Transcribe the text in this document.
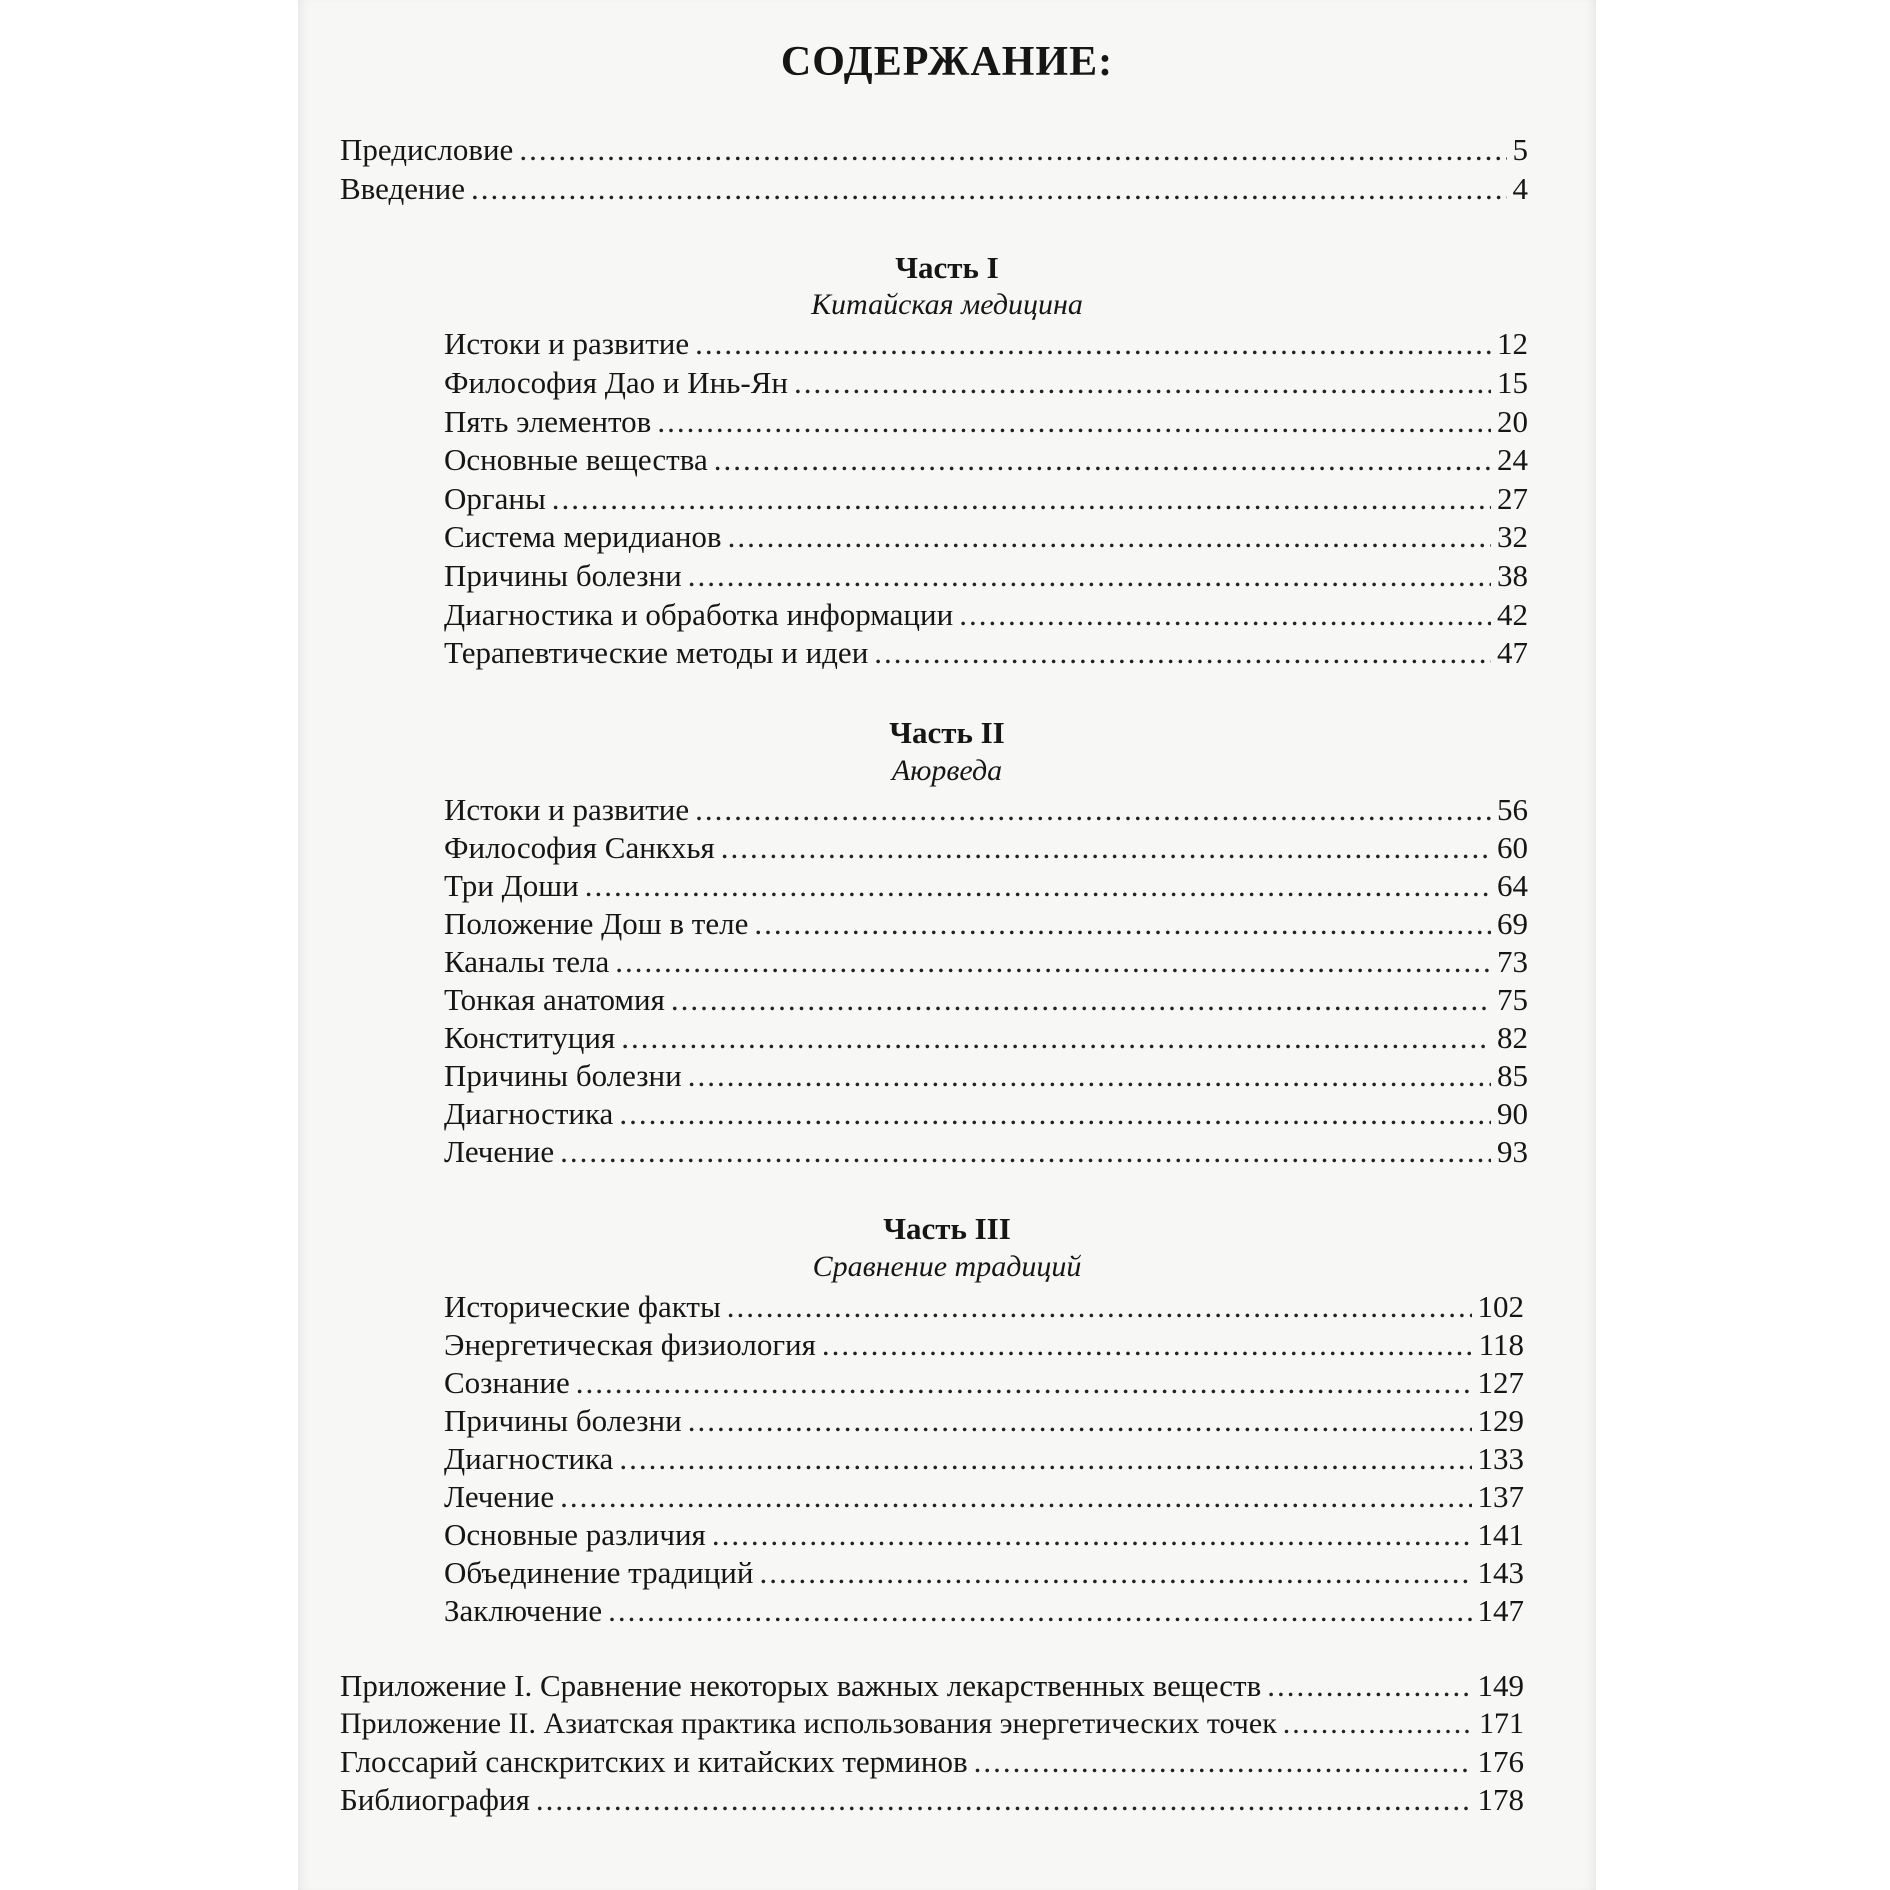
СОДЕРЖАНИЕ:
Предисловие .....	5
Введение .....	4
Часть I
Китайская медицина
Истоки и развитие .....	12
Философия Дао и Инь-Ян .....	15
Пять элементов .....	20
Основные вещества .....	24
Органы .....	27
Система меридианов .....	32
Причины болезни .....	38
Диагностика и обработка информации .....	42
Терапевтические методы и идеи .....	47
Часть II
Аюрведа
Истоки и развитие .....	56
Философия Санкхья .....	60
Три Доши .....	64
Положение Дош в теле .....	69
Каналы тела .....	73
Тонкая анатомия .....	75
Конституция .....	82
Причины болезни .....	85
Диагностика .....	90
Лечение .....	93
Часть III
Сравнение традиций
Исторические факты .....	102
Энергетическая физиология .....	118
Сознание .....	127
Причины болезни .....	129
Диагностика .....	133
Лечение .....	137
Основные различия .....	141
Объединение традиций .....	143
Заключение .....	147
Приложение I. Сравнение некоторых важных лекарственных веществ .....	149
Приложение II. Азиатская практика использования энергетических точек .....	171
Глоссарий санскритских и китайских терминов .....	176
Библиография .....	178
